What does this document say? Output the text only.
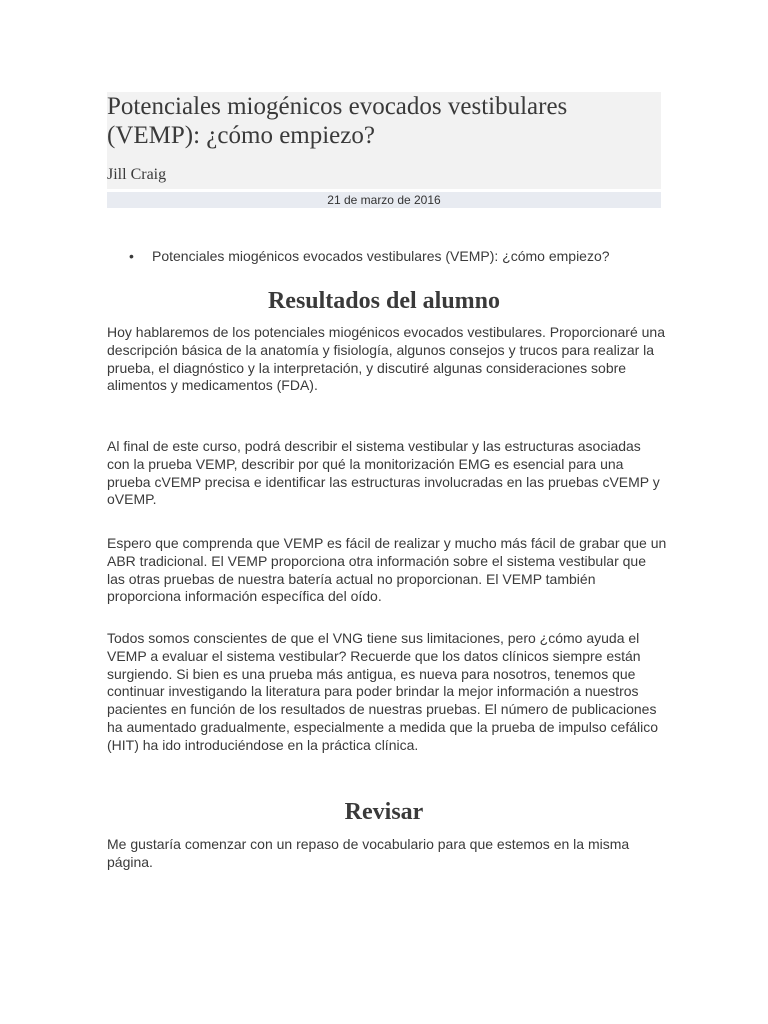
Potenciales miogénicos evocados vestibulares (VEMP): ¿cómo empiezo?

Jill Craig

21 de marzo de 2016
• Potenciales miogénicos evocados vestibulares (VEMP): ¿cómo empiezo?
Resultados del alumno

Hoy hablaremos de los potenciales miogénicos evocados vestibulares. Proporcionaré una descripción básica de la anatomía y fisiología, algunos consejos y trucos para realizar la prueba, el diagnóstico y la interpretación, y discutiré algunas consideraciones sobre alimentos y medicamentos (FDA).

Al final de este curso, podrá describir el sistema vestibular y las estructuras asociadas con la prueba VEMP, describir por qué la monitorización EMG es esencial para una prueba cVEMP precisa e identificar las estructuras involucradas en las pruebas cVEMP y oVEMP.

Espero que comprenda que VEMP es fácil de realizar y mucho más fácil de grabar que un ABR tradicional. El VEMP proporciona otra información sobre el sistema vestibular que las otras pruebas de nuestra batería actual no proporcionan. El VEMP también proporciona información específica del oído.

Todos somos conscientes de que el VNG tiene sus limitaciones, pero ¿cómo ayuda el VEMP a evaluar el sistema vestibular? Recuerde que los datos clínicos siempre están surgiendo. Si bien es una prueba más antigua, es nueva para nosotros, tenemos que continuar investigando la literatura para poder brindar la mejor información a nuestros pacientes en función de los resultados de nuestras pruebas. El número de publicaciones ha aumentado gradualmente, especialmente a medida que la prueba de impulso cefálico (HIT) ha ido introduciéndose en la práctica clínica.

Revisar

Me gustaría comenzar con un repaso de vocabulario para que estemos en la misma página.
